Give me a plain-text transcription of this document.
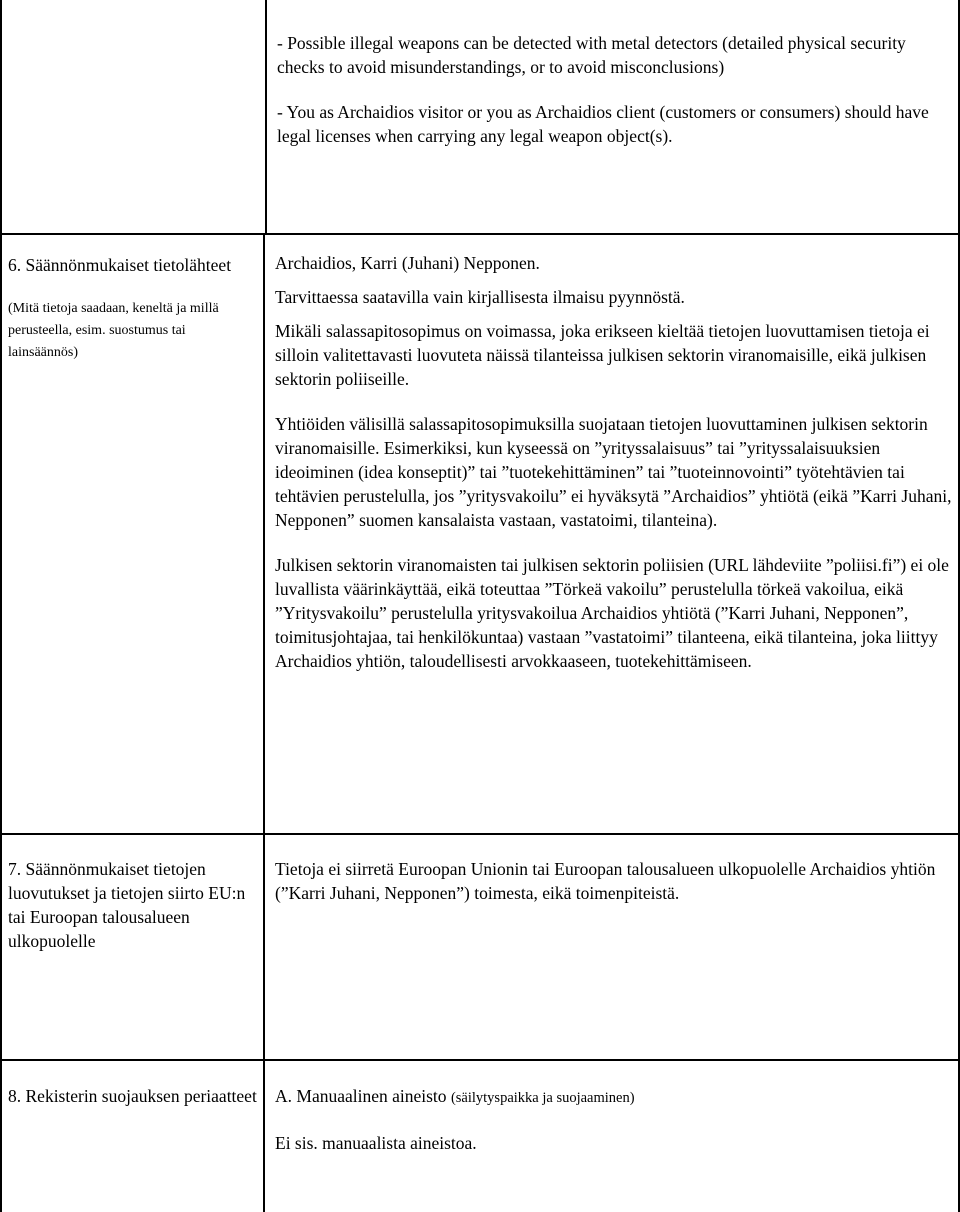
- Possible illegal weapons can be detected with metal detectors (detailed physical security checks to avoid misunderstandings, or to avoid misconclusions)

- You as Archaidios visitor or you as Archaidios client (customers or consumers) should have legal licenses when carrying any legal weapon object(s).

6. Säännönmukaiset tietolähteet

(Mitä tietoja saadaan, keneltä ja millä perusteella, esim. suostumus tai lainsäännös)

Archaidios, Karri (Juhani) Nepponen.

Tarvittaessa saatavilla vain kirjallisesta ilmaisu pyynnöstä.

Mikäli salassapitosopimus on voimassa, joka erikseen kieltää tietojen luovuttamisen tietoja ei silloin valitettavasti luovuteta näissä tilanteissa julkisen sektorin viranomaisille, eikä julkisen sektorin poliiseille.

Yhtiöiden välisillä salassapitosopimuksilla suojataan tietojen luovuttaminen julkisen sektorin viranomaisille. Esimerkiksi, kun kyseessä on ”yrityssalaisuus” tai ”yrityssalaisuuksien ideoiminen (idea konseptit)” tai ”tuotekehittäminen” tai ”tuoteinnovointi” työtehtävien tai tehtävien perustelulla, jos ”yritysvakoilu” ei hyväksytä ”Archaidios” yhtiötä (eikä ”Karri Juhani, Nepponen” suomen kansalaista vastaan, vastatoimi, tilanteina).

Julkisen sektorin viranomaisten tai julkisen sektorin poliisien (URL lähdeviite ”poliisi.fi”) ei ole luvallista väärinkäyttää, eikä toteuttaa ”Törkeä vakoilu” perustelulla törkeä vakoilua, eikä ”Yritysvakoilu” perustelulla yritysvakoilua Archaidios yhtiötä (”Karri Juhani, Nepponen”, toimitusjohtajaa, tai henkilökuntaa) vastaan ”vastatoimi” tilanteena, eikä tilanteina, joka liittyy Archaidios yhtiön, taloudellisesti arvokkaaseen, tuotekehittämiseen.

7. Säännönmukaiset tietojen luovutukset ja tietojen siirto EU:n tai Euroopan talousalueen ulkopuolelle

Tietoja ei siirretä Euroopan Unionin tai Euroopan talousalueen ulkopuolelle Archaidios yhtiön (”Karri Juhani, Nepponen”) toimesta, eikä toimenpiteistä.

8. Rekisterin suojauksen periaatteet A. Manuaalinen aineisto (säilytyspaikka ja suojaaminen)

Ei sis. manuaalista aineistoa.
